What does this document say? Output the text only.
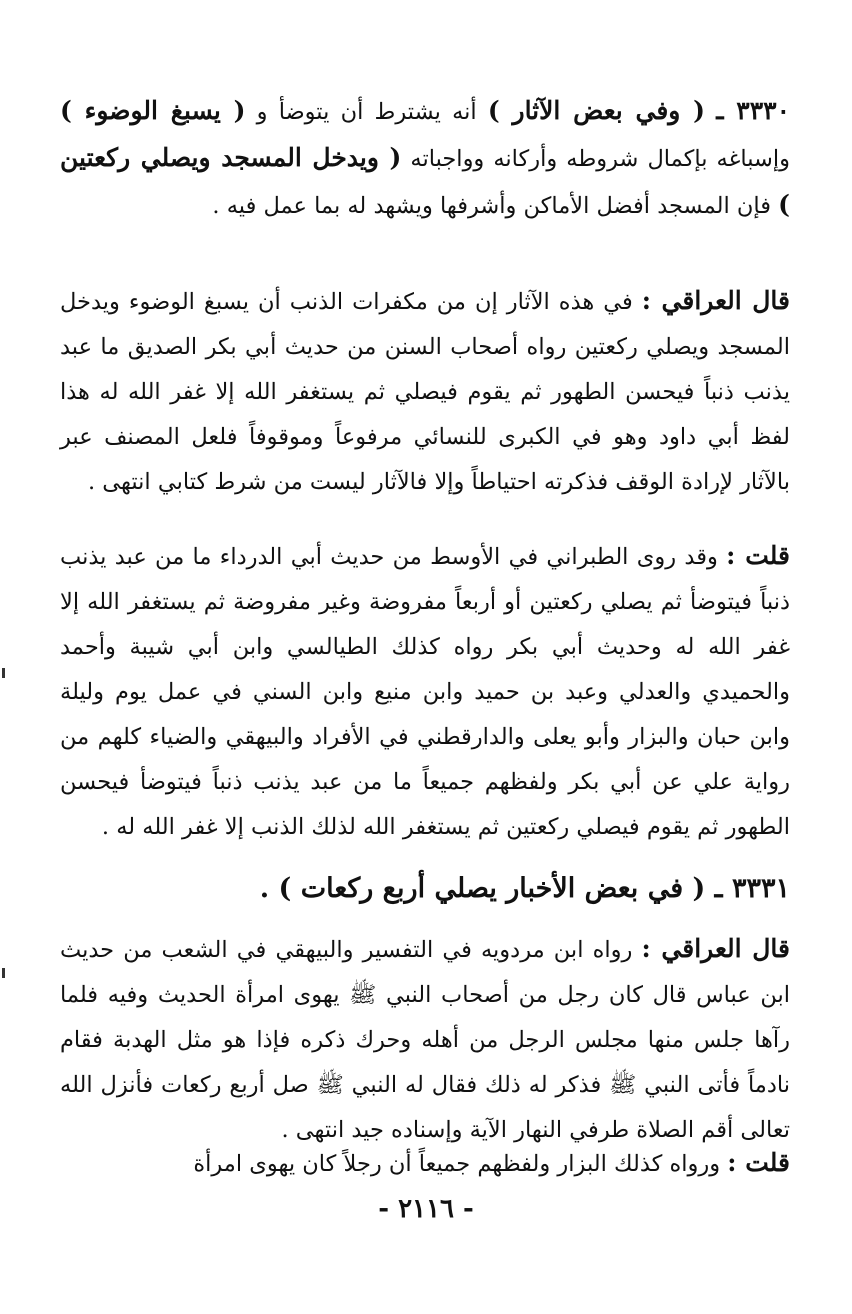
٣٣٣٠ ـ ( وفي بعض الآثار ) أنه يشترط أن يتوضأ و ( يسبغ الوضوء ) وإسباغه بإكمال شروطه وأركانه وواجباته ( ويدخل المسجد ويصلي ركعتين ) فإن المسجد أفضل الأماكن وأشرفها ويشهد له بما عمل فيه .
قال العراقي : في هذه الآثار إن من مكفرات الذنب أن يسبغ الوضوء ويدخل المسجد ويصلي ركعتين رواه أصحاب السنن من حديث أبي بكر الصديق ما عبد يذنب ذنباً فيحسن الطهور ثم يقوم فيصلي ثم يستغفر الله إلا غفر الله له هذا لفظ أبي داود وهو في الكبرى للنسائي مرفوعاً وموقوفاً فلعل المصنف عبر بالآثار لإرادة الوقف فذكرته احتياطاً وإلا فالآثار ليست من شرط كتابي انتهى .
قلت : وقد روى الطبراني في الأوسط من حديث أبي الدرداء ما من عبد يذنب ذنباً فيتوضأ ثم يصلي ركعتين أو أربعاً مفروضة وغير مفروضة ثم يستغفر الله إلا غفر الله له وحديث أبي بكر رواه كذلك الطيالسي وابن أبي شيبة وأحمد والحميدي والعدلي وعبد بن حميد وابن منيع وابن السني في عمل يوم وليلة وابن حبان والبزار وأبو يعلى والدارقطني في الأفراد والبيهقي والضياء كلهم من رواية علي عن أبي بكر ولفظهم جميعاً ما من عبد يذنب ذنباً فيتوضأ فيحسن الطهور ثم يقوم فيصلي ركعتين ثم يستغفر الله لذلك الذنب إلا غفر الله له .
٣٣٣١ ـ ( في بعض الأخبار يصلي أربع ركعات ) .
قال العراقي : رواه ابن مردويه في التفسير والبيهقي في الشعب من حديث ابن عباس قال كان رجل من أصحاب النبي ﷺ يهوى امرأة الحديث وفيه فلما رآها جلس منها مجلس الرجل من أهله وحرك ذكره فإذا هو مثل الهدبة فقام نادماً فأتى النبي ﷺ فذكر له ذلك فقال له النبي ﷺ صل أربع ركعات فأنزل الله تعالى أقم الصلاة طرفي النهار الآية وإسناده جيد انتهى .
قلت : ورواه كذلك البزار ولفظهم جميعاً أن رجلاً كان يهوى امرأة
- ٢١١٦ -
